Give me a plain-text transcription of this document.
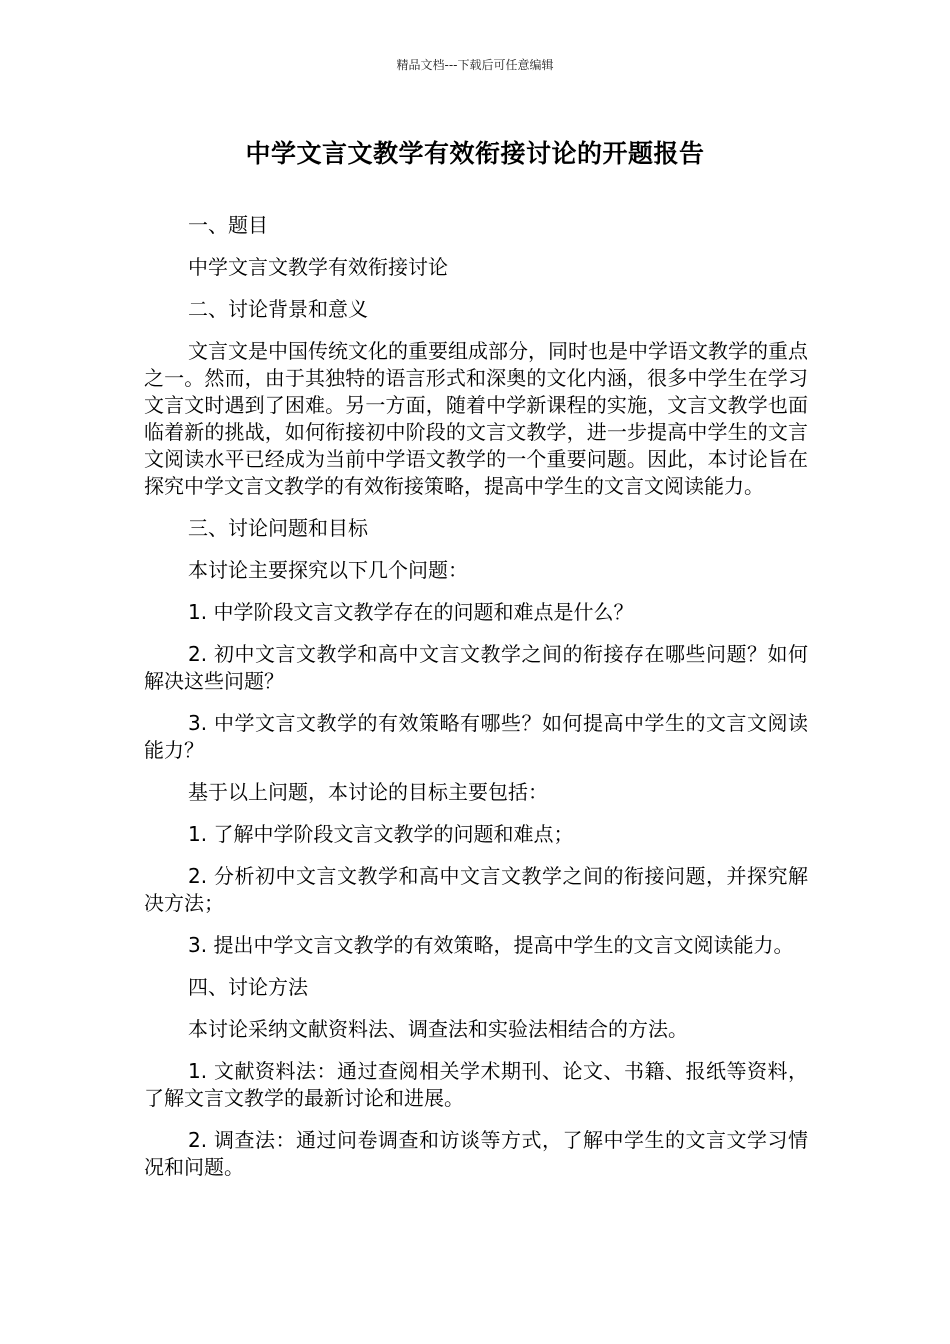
精品文档---下载后可任意编辑
中学文言文教学有效衔接讨论的开题报告

一、题目

中学文言文教学有效衔接讨论

二、讨论背景和意义

文言文是中国传统文化的重要组成部分，同时也是中学语文教学的重点之一。然而，由于其独特的语言形式和深奥的文化内涵，很多中学生在学习文言文时遇到了困难。另一方面，随着中学新课程的实施，文言文教学也面临着新的挑战，如何衔接初中阶段的文言文教学，进一步提高中学生的文言文阅读水平已经成为当前中学语文教学的一个重要问题。因此，本讨论旨在探究中学文言文教学的有效衔接策略，提高中学生的文言文阅读能力。

三、讨论问题和目标

本讨论主要探究以下几个问题：

1. 中学阶段文言文教学存在的问题和难点是什么？

2. 初中文言文教学和高中文言文教学之间的衔接存在哪些问题？如何解决这些问题？

3. 中学文言文教学的有效策略有哪些？如何提高中学生的文言文阅读能力？

基于以上问题，本讨论的目标主要包括：

1. 了解中学阶段文言文教学的问题和难点；

2. 分析初中文言文教学和高中文言文教学之间的衔接问题，并探究解决方法；

3. 提出中学文言文教学的有效策略，提高中学生的文言文阅读能力。

四、讨论方法

本讨论采纳文献资料法、调查法和实验法相结合的方法。

1. 文献资料法：通过查阅相关学术期刊、论文、书籍、报纸等资料，了解文言文教学的最新讨论和进展。

2. 调查法：通过问卷调查和访谈等方式，了解中学生的文言文学习情况和问题。
